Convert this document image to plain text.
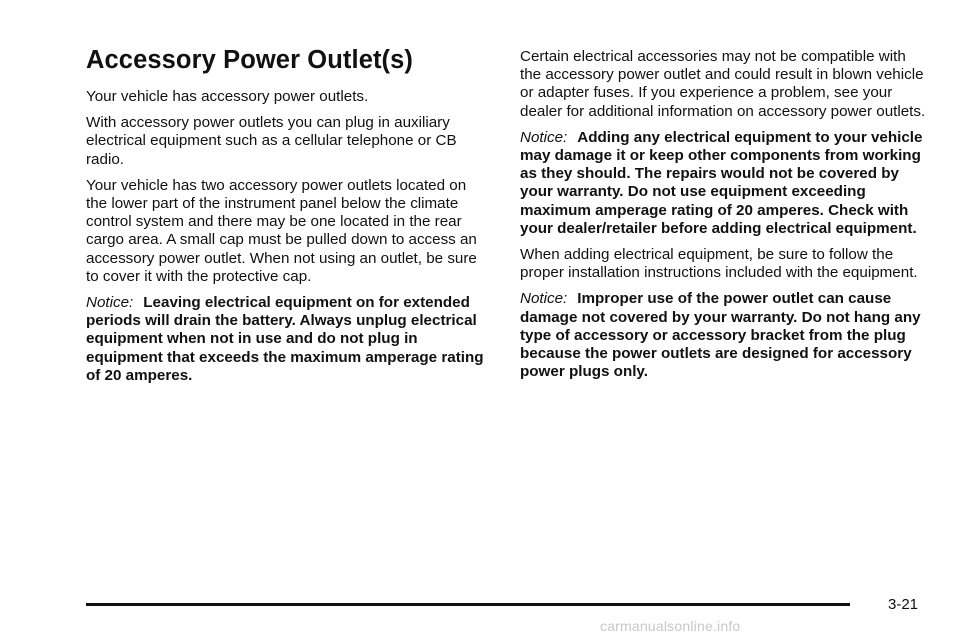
Accessory Power Outlet(s)

Your vehicle has accessory power outlets.

With accessory power outlets you can plug in auxiliary electrical equipment such as a cellular telephone or CB radio.

Your vehicle has two accessory power outlets located on the lower part of the instrument panel below the climate control system and there may be one located in the rear cargo area. A small cap must be pulled down to access an accessory power outlet. When not using an outlet, be sure to cover it with the protective cap.

Notice: Leaving electrical equipment on for extended periods will drain the battery. Always unplug electrical equipment when not in use and do not plug in equipment that exceeds the maximum amperage rating of 20 amperes.

Certain electrical accessories may not be compatible with the accessory power outlet and could result in blown vehicle or adapter fuses. If you experience a problem, see your dealer for additional information on accessory power outlets.

Notice: Adding any electrical equipment to your vehicle may damage it or keep other components from working as they should. The repairs would not be covered by your warranty. Do not use equipment exceeding maximum amperage rating of 20 amperes. Check with your dealer/retailer before adding electrical equipment.

When adding electrical equipment, be sure to follow the proper installation instructions included with the equipment.

Notice: Improper use of the power outlet can cause damage not covered by your warranty. Do not hang any type of accessory or accessory bracket from the plug because the power outlets are designed for accessory power plugs only.

3-21
carmanualsonline.info
